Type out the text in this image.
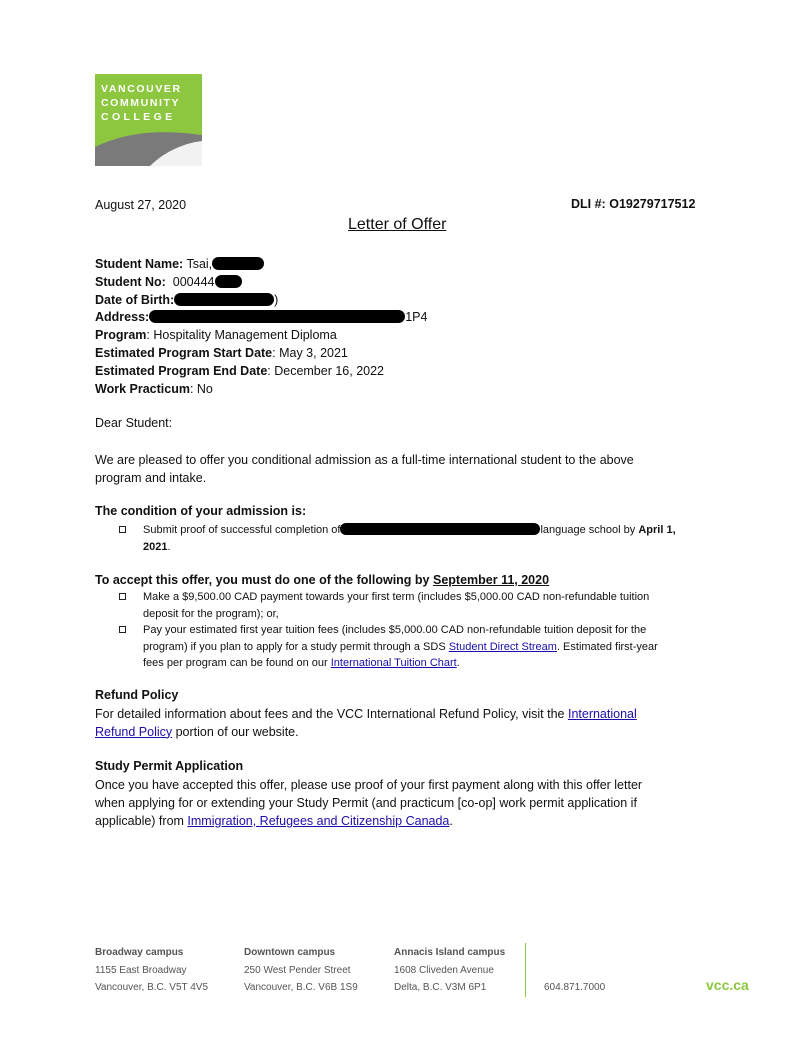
VANCOUVER
COMMUNITY
COLLEGE
August 27, 2020	DLI #: O19279717512
Letter of Offer
Student Name: Tsai,
Student No: 000444
Date of Birth:	)
Address:	1P4
Program: Hospitality Management Diploma
Estimated Program Start Date: May 3, 2021
Estimated Program End Date: December 16, 2022
Work Practicum: No
Dear Student:
We are pleased to offer you conditional admission as a full-time international student to the above
program and intake.
The condition of your admission is:
Submit proof of successful completion of	language school by April 1,
2021.
To accept this offer, you must do one of the following by September 11, 2020
Make a $9,500.00 CAD payment towards your first term (includes $5,000.00 CAD non-refundable tuition
deposit for the program); or,
Pay your estimated first year tuition fees (includes $5,000.00 CAD non-refundable tuition deposit for the
program) if you plan to apply for a study permit through a SDS Student Direct Stream. Estimated first-year
fees per program can be found on our International Tuition Chart.
Refund Policy
For detailed information about fees and the VCC International Refund Policy, visit the International
Refund Policy portion of our website.
Study Permit Application
Once you have accepted this offer, please use proof of your first payment along with this offer letter
when applying for or extending your Study Permit (and practicum [co-op] work permit application if
applicable) from Immigration, Refugees and Citizenship Canada.
Broadway campus
1155 East Broadway
Vancouver, B.C. V5T 4V5
Downtown campus
250 West Pender Street
Vancouver, B.C. V6B 1S9
Annacis Island campus
1608 Cliveden Avenue
Delta, B.C. V3M 6P1	604.871.7000	vcc.ca
